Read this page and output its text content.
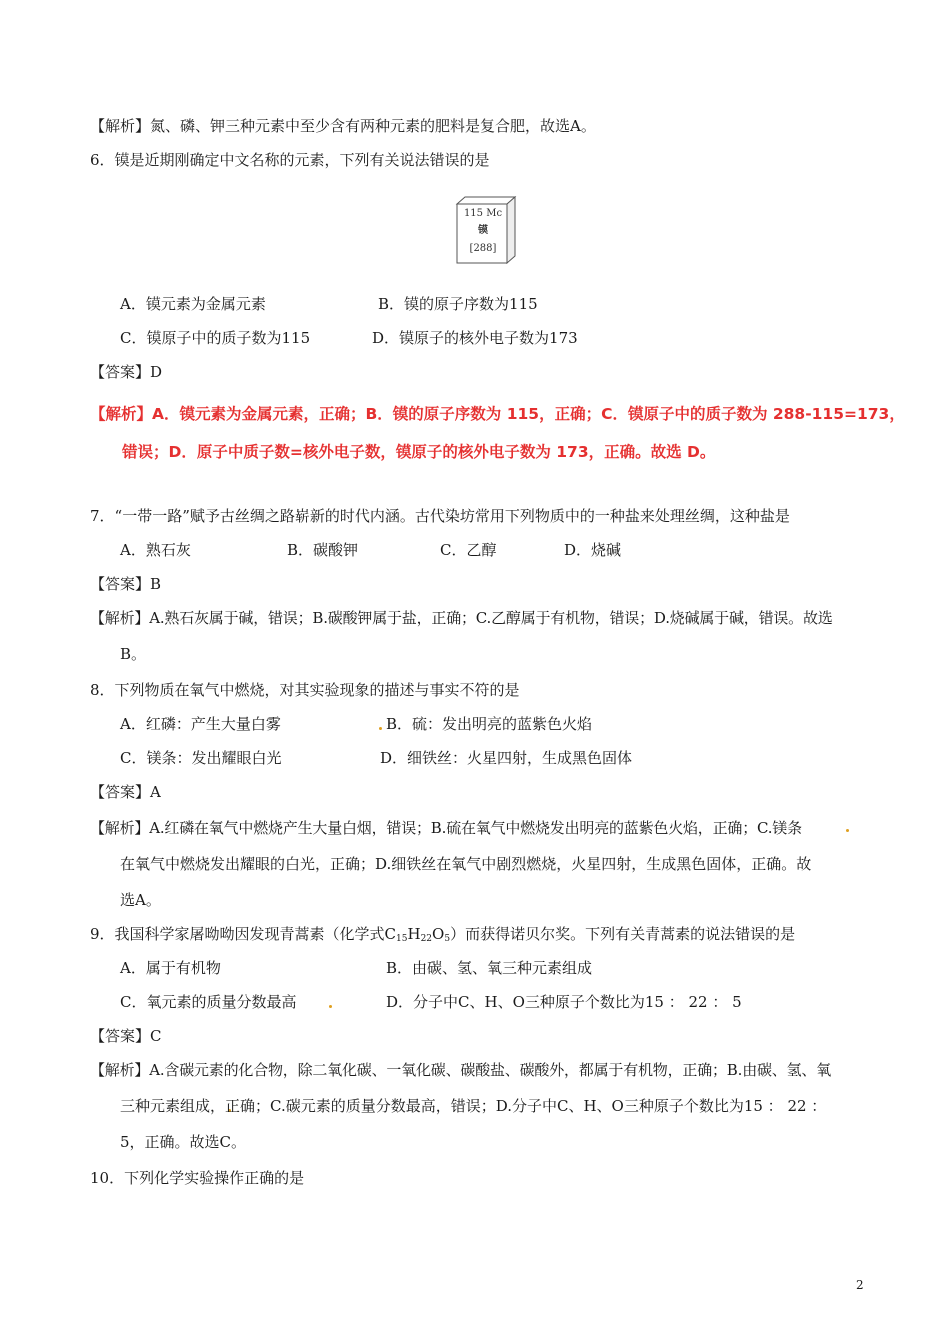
【解析】氮、磷、钾三种元素中至少含有两种元素的肥料是复合肥，故选A。
6．镆是近期刚确定中文名称的元素，下列有关说法错误的是
115 Mc
镆
[288]
A．镆元素为金属元素	B．镆的原子序数为115
C．镆原子中的质子数为115	D．镆原子的核外电子数为173
【答案】D
【解析】A．镆元素为金属元素，正确；B．镆的原子序数为 115，正确；C．镆原子中的质子数为 288-115=173，
错误；D．原子中质子数=核外电子数，镆原子的核外电子数为 173，正确。故选 D。
7．“一带一路”赋予古丝绸之路崭新的时代内涵。古代染坊常用下列物质中的一种盐来处理丝绸，这种盐是
A．熟石灰	B．碳酸钾	C．乙醇	D．烧碱
【答案】B
【解析】A.熟石灰属于碱，错误；B.碳酸钾属于盐，正确；C.乙醇属于有机物，错误；D.烧碱属于碱，错误。故选
B。
8．下列物质在氧气中燃烧，对其实验现象的描述与事实不符的是
A．红磷：产生大量白雾	B．硫：发出明亮的蓝紫色火焰
C．镁条：发出耀眼白光	D．细铁丝：火星四射，生成黑色固体
【答案】A
【解析】A.红磷在氧气中燃烧产生大量白烟，错误；B.硫在氧气中燃烧发出明亮的蓝紫色火焰，正确；C.镁条
在氧气中燃烧发出耀眼的白光，正确；D.细铁丝在氧气中剧烈燃烧，火星四射，生成黑色固体，正确。故
选A。
9．我国科学家屠呦呦因发现青蒿素（化学式$C_{15}H_{22}O_5$）而获得诺贝尔奖。下列有关青蒿素的说法错误的是
A．属于有机物	B．由碳、氢、氧三种元素组成
C．氧元素的质量分数最高	D．分子中C、H、O三种原子个数比为15 ： 22 ： 5
【答案】C
【解析】A.含碳元素的化合物，除二氧化碳、一氧化碳、碳酸盐、碳酸外，都属于有机物，正确；B.由碳、氢、氧
三种元素组成，正确；C.碳元素的质量分数最高，错误；D.分子中C、H、O三种原子个数比为15 ： 22 ：
5，正确。故选C。
10．下列化学实验操作正确的是
2
